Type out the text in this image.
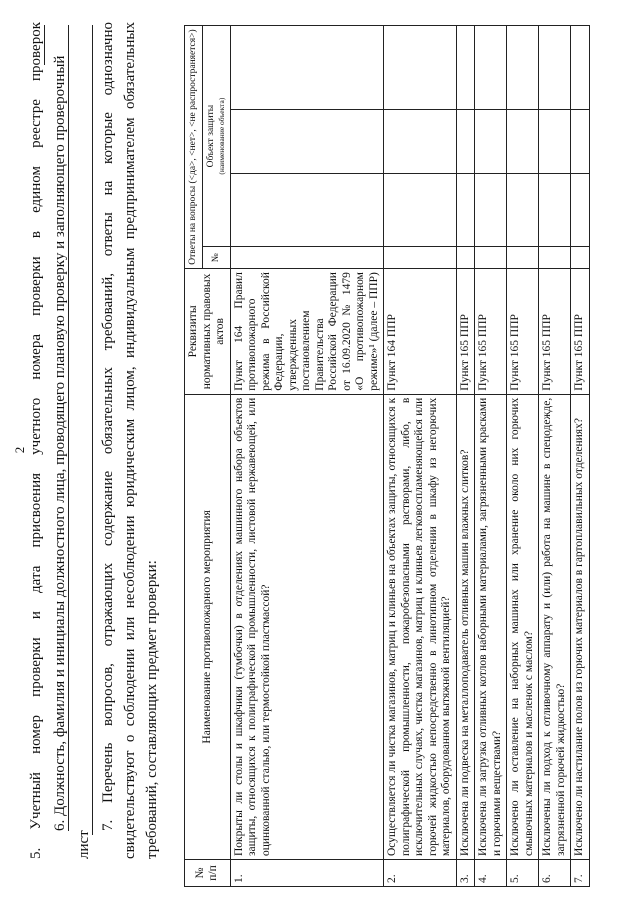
2 5. Учетный номер проверки и дата присвоения учетного номера проверки в едином реестре проверок 6. Должность, фамилия и инициалы должностного лица, проводящего плановую проверку и заполняющего проверочный
лист
7. Перечень вопросов, отражающих содержание обязательных требований, ответы на которые однозначно свидетельствуют о соблюдении или несоблюдении юридическим лицом, индивидуальным предпринимателем обязательных требований, составляющих предмет проверки:
№ п/п	Наименование противопожарного мероприятия	Реквизиты нормативных правовых актов	Ответы на вопросы (<да>, <нет>, <не распространяется>)			
			№	Объект защиты (наименование объекта)		

1.	Покрыты ли столы и шкафчики (тумбочки) в отделениях машинного набора объектов защиты, относящихся к полиграфической промышленности, листовой нержавеющей, или оцинкованной сталью, или термостойкой пластмассой?	Пункт 164 Правил противопожарного режима в Российской Федерации, утвержденных постановлением Правительства Российской Федерации от 16.09.2020 № 1479 «О противопожарном режиме»¹ (далее – ППР)				
2.	Осуществляется ли чистка магазинов, матриц и клиньев на объектах защиты, относящихся к полиграфической промышленности, пожаробезопасными растворами, либо, в исключительных случаях, чистка магазинов, матриц и клиньев легковоспламеняющейся или горючей жидкостью непосредственно в линотипном отделении в шкафу из негорючих материалов, оборудованном вытяжной вентиляцией?	Пункт 164 ППР				
3.	Исключена ли подвеска на металлоподаватель отливных машин влажных слитков?	Пункт 165 ППР				
4.	Исключена ли загрузка отливных котлов наборными материалами, загрязненными красками и горючими веществами?	Пункт 165 ППР				
5.	Исключено ли оставление на наборных машинах или хранение около них горючих смывочных материалов и масленок с маслом?	Пункт 165 ППР				
6.	Исключены ли подход к отливочному аппарату и (или) работа на машине в спецодежде, загрязненной горючей жидкостью?	Пункт 165 ППР				
7.	Исключено ли настилание полов из горючих материалов в гартоплавильных отделениях?	Пункт 165 ППР				
